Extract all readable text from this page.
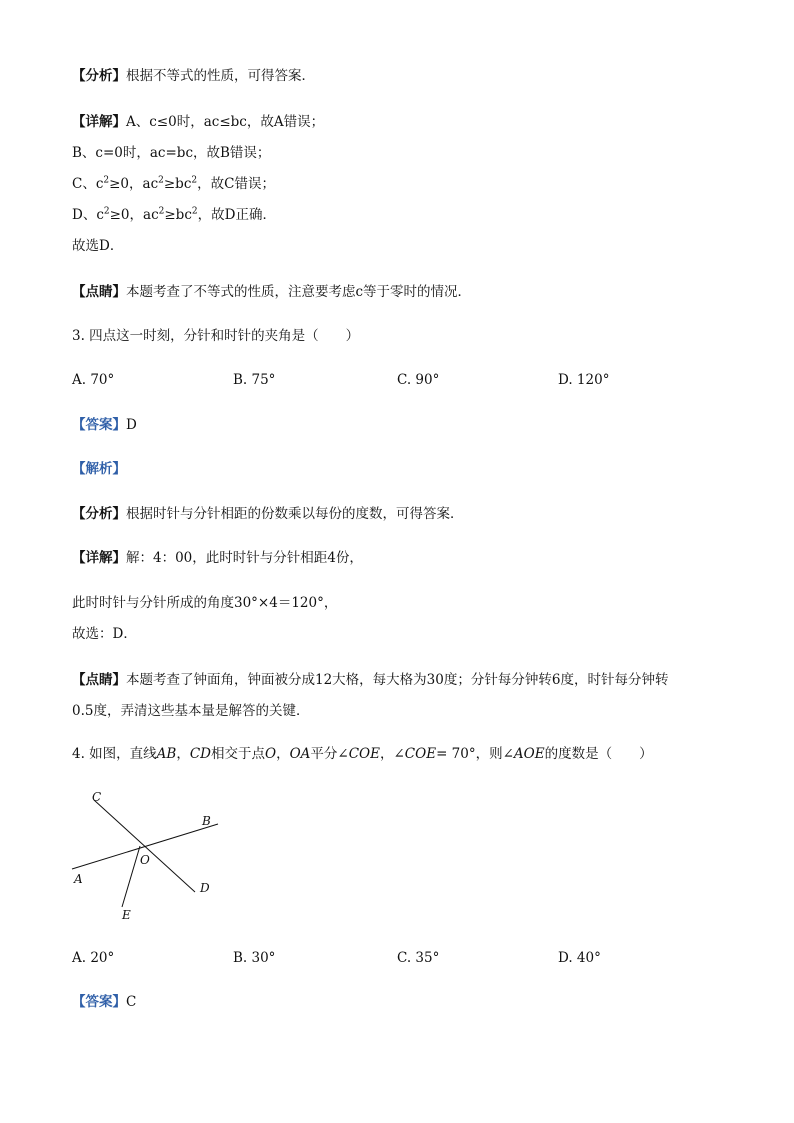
【分析】根据不等式的性质，可得答案．
【详解】A、c≤0时，ac≤bc，故A错误；
B、c=0时，ac=bc，故B错误；
C、$c^2\ge 0$，$ac^2\ge bc^2$，故C错误；
D、$c^2\ge 0$，$ac^2\ge bc^2$，故D正确．
故选D．
【点睛】本题考查了不等式的性质，注意要考虑c等于零时的情况．
3. 四点这一时刻，分针和时针的夹角是（　　）
A. 70°	B. 75°	C. 90°	D. 120°
【答案】D
【解析】
【分析】根据时针与分针相距的份数乘以每份的度数，可得答案．
【详解】解：4：00，此时时针与分针相距4份，
此时时针与分针所成的角度30°×4＝120°，
故选：D．
【点睛】本题考查了钟面角，钟面被分成12大格，每大格为30度；分针每分钟转6度，时针每分钟转
0.5度，弄清这些基本量是解答的关键．
4. 如图，直线AB，CD相交于点O，OA平分∠COE，∠COE= 70°，则∠AOE的度数是（　　）
C
B
O
A
D
E
A. 20°	B. 30°	C. 35°	D. 40°
【答案】C
